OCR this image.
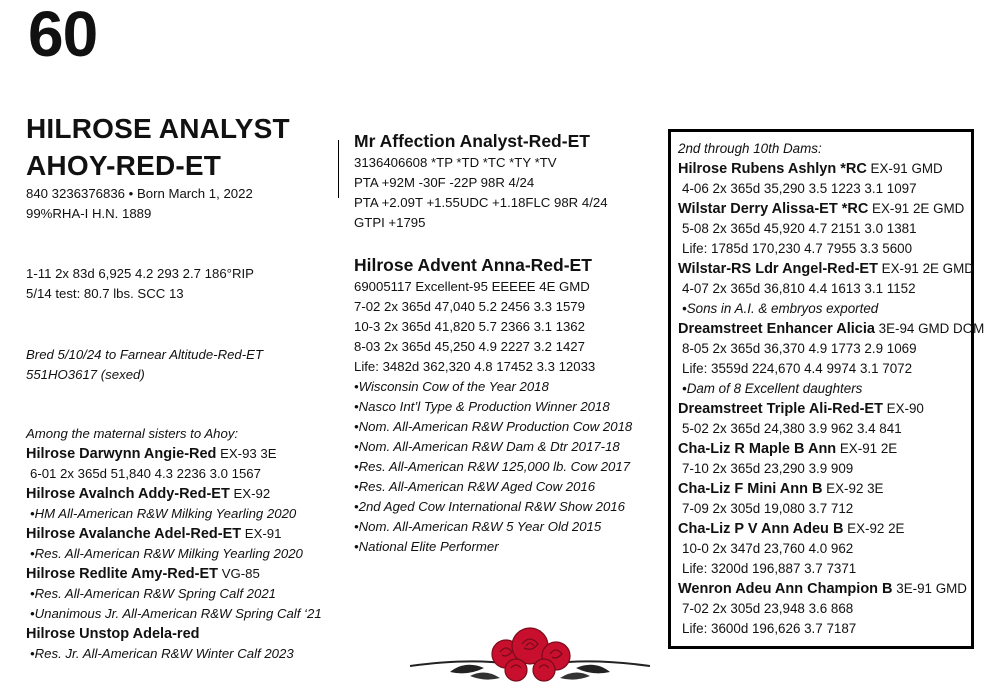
60
HILROSE ANALYST
AHOY-RED-ET
840 3236376836 • Born March 1, 2022
99%RHA-I H.N. 1889
1-11 2x 83d 6,925 4.2 293 2.7 186°RIP
5/14 test: 80.7 lbs. SCC 13
Bred 5/10/24 to Farnear Altitude-Red-ET
551HO3617 (sexed)
Among the maternal sisters to Ahoy:
Hilrose Darwynn Angie-Red EX-93 3E
6-01 2x 365d 51,840 4.3 2236 3.0 1567
Hilrose Avalnch Addy-Red-ET EX-92
•HM All-American R&W Milking Yearling 2020
Hilrose Avalanche Adel-Red-ET EX-91
•Res. All-American R&W Milking Yearling 2020
Hilrose Redlite Amy-Red-ET VG-85
•Res. All-American R&W Spring Calf 2021
•Unanimous Jr. All-American R&W Spring Calf ‘21
Hilrose Unstop Adela-red
•Res. Jr. All-American R&W Winter Calf 2023
Mr Affection Analyst-Red-ET
3136406608 *TP *TD *TC *TY *TV
PTA +92M -30F -22P 98R 4/24
PTA +2.09T +1.55UDC +1.18FLC 98R 4/24
GTPI +1795
Hilrose Advent Anna-Red-ET
69005117 Excellent-95 EEEEE 4E GMD
7-02 2x 365d 47,040 5.2 2456 3.3 1579
10-3 2x 365d 41,820 5.7 2366 3.1 1362
8-03 2x 365d 45,250 4.9 2227 3.2 1427
Life: 3482d 362,320 4.8 17452 3.3 12033
•Wisconsin Cow of the Year 2018
•Nasco Int’l Type & Production Winner 2018
•Nom. All-American R&W Production Cow 2018
•Nom. All-American R&W Dam & Dtr 2017-18
•Res. All-American R&W 125,000 lb. Cow 2017
•Res. All-American R&W Aged Cow 2016
•2nd Aged Cow International R&W Show 2016
•Nom. All-American R&W 5 Year Old 2015
•National Elite Performer
2nd through 10th Dams:
Hilrose Rubens Ashlyn *RC EX-91 GMD
4-06 2x 365d 35,290 3.5 1223 3.1 1097
Wilstar Derry Alissa-ET *RC EX-91 2E GMD
5-08 2x 365d 45,920 4.7 2151 3.0 1381
Life: 1785d 170,230 4.7 7955 3.3 5600
Wilstar-RS Ldr Angel-Red-ET EX-91 2E GMD
4-07 2x 365d 36,810 4.4 1613 3.1 1152
•Sons in A.I. & embryos exported
Dreamstreet Enhancer Alicia 3E-94 GMD DOM
8-05 2x 365d 36,370 4.9 1773 2.9 1069
Life: 3559d 224,670 4.4 9974 3.1 7072
•Dam of 8 Excellent daughters
Dreamstreet Triple Ali-Red-ET EX-90
5-02 2x 365d 24,380 3.9 962 3.4 841
Cha-Liz R Maple B Ann EX-91 2E
7-10 2x 365d 23,290 3.9 909
Cha-Liz F Mini Ann B EX-92 3E
7-09 2x 305d 19,080 3.7 712
Cha-Liz P V Ann Adeu B EX-92 2E
10-0 2x 347d 23,760 4.0 962
Life: 3200d 196,887 3.7 7371
Wenron Adeu Ann Champion B 3E-91 GMD
7-02 2x 305d 23,948 3.6 868
Life: 3600d 196,626 3.7 7187
